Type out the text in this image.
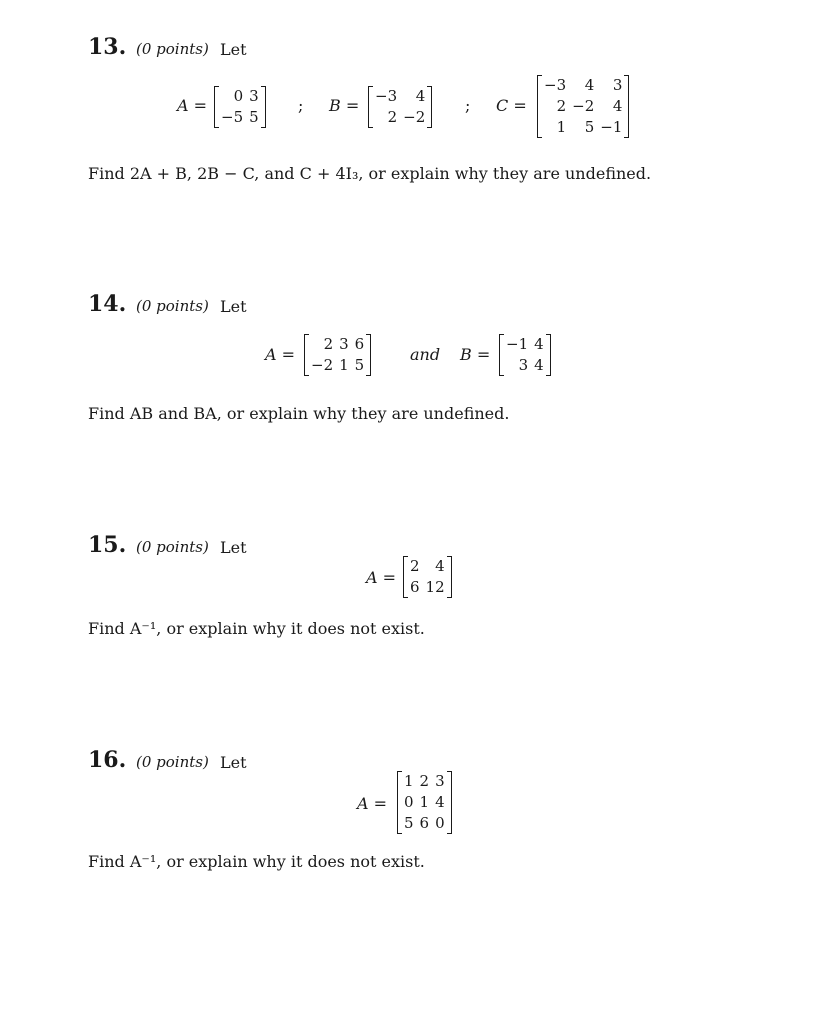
13. (0 points) Let
A =	0 3
−5 5
; B = −3	4
2 −2
; C =
−3	4	3
2 −2	4
1	5 −1
Find 2A + B, 2B − C, and C + 4I₃, or explain why they are undefined.
14. (0 points) Let
A =
2 3 6
−2 1 5
and B =
−1 4
3 4
Find AB and BA, or explain why they are undefined.
15. (0 points) Let
A =
2	4
6 12
Find A⁻¹, or explain why it does not exist.
16. (0 points) Let
A =
1 2 3
0 1 4
5 6 0
Find A⁻¹, or explain why it does not exist.
